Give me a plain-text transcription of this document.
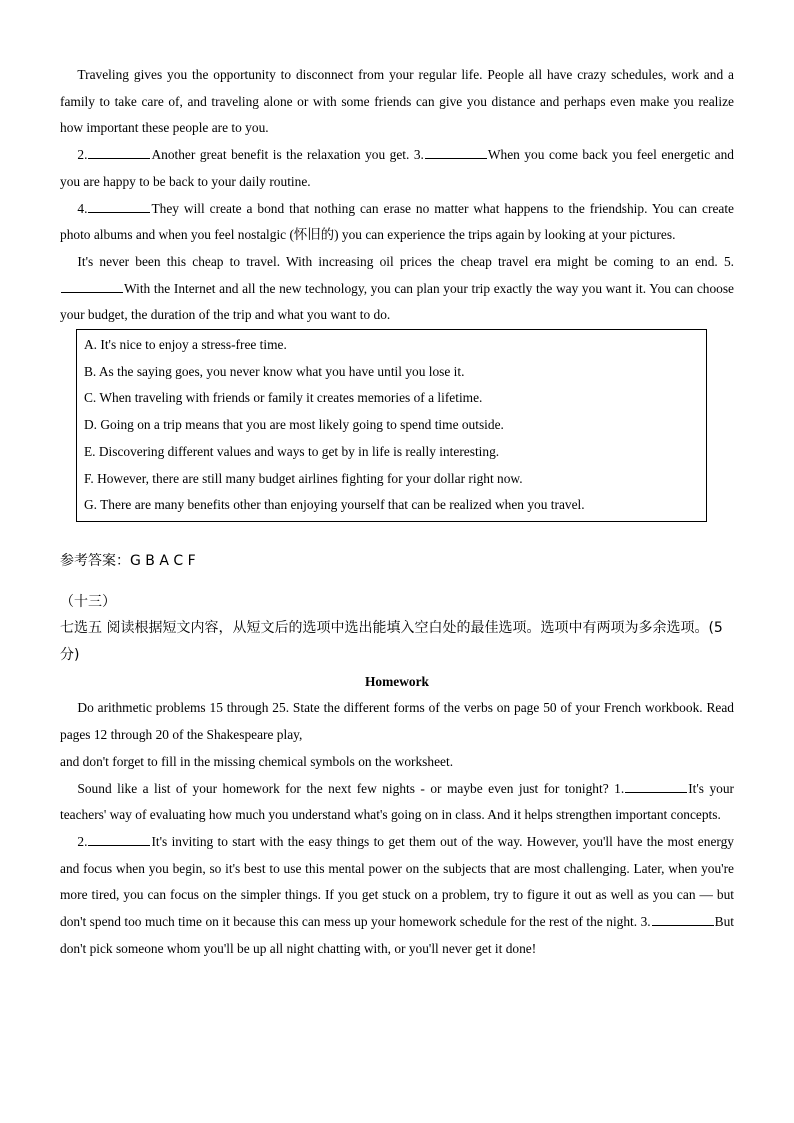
Traveling gives you the opportunity to disconnect from your regular life. People all have crazy schedules, work and a family to take care of, and traveling alone or with some friends can give you distance and perhaps even make you realize how important these people are to you.

2.	Another great benefit is the relaxation you get. 3.	When you come back you feel energetic and you are happy to be back to your daily routine.

4.	They will create a bond that nothing can erase no matter what happens to the friendship. You can create photo albums and when you feel nostalgic (怀旧的) you can experience the trips again by looking at your pictures.

It's never been this cheap to travel. With increasing oil prices the cheap travel era might be coming to an end. 5.With the Internet and all the new technology, you can plan your trip exactly the way you want it. You can choose your budget, the duration of the trip and what you want to do.

A. It's nice to enjoy a stress-free time.

B. As the saying goes, you never know what you have until you lose it.

C. When traveling with friends or family it creates memories of a lifetime.

D. Going on a trip means that you are most likely going to spend time outside.

E. Discovering different values and ways to get by in life is really interesting.

F. However, there are still many budget airlines fighting for your dollar right now.

G. There are many benefits other than enjoying yourself that can be realized when you travel.

参考答案：G B A C F

（十三）

七选五 阅读根据短文内容，从短文后的选项中选出能填入空白处的最佳选项。选项中有两项为多余选项。(5分)

Homework

Do arithmetic problems 15 through 25. State the different forms of the verbs on page 50 of your French workbook. Read pages 12 through 20 of the Shakespeare play,

and don't forget to fill in the missing chemical symbols on the worksheet.

Sound like a list of your homework for the next few nights - or maybe even just for tonight? 1.	It's your teachers' way of evaluating how much you understand what's going on in class. And it helps strengthen important concepts.

2.	It's inviting to start with the easy things to get them out of the way. However, you'll have the most energy and focus when you begin, so it's best to use this mental power on the subjects that are most challenging. Later, when you're more tired, you can focus on the simpler things. If you get stuck on a problem, try to figure it out as well as you can — but don't spend too much time on it because this can mess up your homework schedule for the rest of the night. 3.	But don't pick someone whom you'll be up all night chatting with, or you'll never get it done!
